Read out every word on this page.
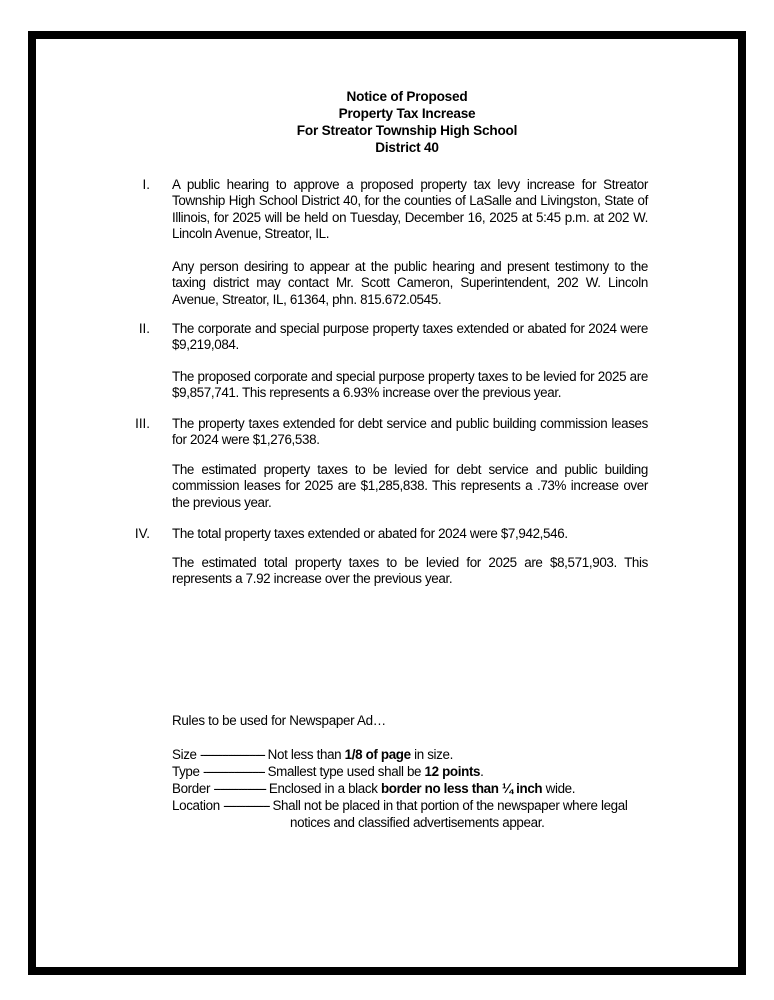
Notice of Proposed
Property Tax Increase
For Streator Township High School
District 40
I. A public hearing to approve a proposed property tax levy increase for Streator Township High School District 40, for the counties of LaSalle and Livingston, State of Illinois, for 2025 will be held on Tuesday, December 16, 2025 at 5:45 p.m. at 202 W. Lincoln Avenue, Streator, IL.

Any person desiring to appear at the public hearing and present testimony to the taxing district may contact Mr. Scott Cameron, Superintendent, 202 W. Lincoln Avenue, Streator, IL, 61364, phn. 815.672.0545.

II. The corporate and special purpose property taxes extended or abated for 2024 were $9,219,084.

The proposed corporate and special purpose property taxes to be levied for 2025 are $9,857,741. This represents a 6.93% increase over the previous year.

III. The property taxes extended for debt service and public building commission leases for 2024 were $1,276,538.

The estimated property taxes to be levied for debt service and public building commission leases for 2025 are $1,285,838. This represents a .73% increase over the previous year.

IV. The total property taxes extended or abated for 2024 were $7,942,546.

The estimated total property taxes to be levied for 2025 are $8,571,903. This represents a 7.92 increase over the previous year.

Rules to be used for Newspaper Ad…
Size --------------------- Not less than 1/8 of page in size.
Type -------------------- Smallest type used shall be 12 points.
Border ----------------- Enclosed in a black border no less than ¼ inch wide.
Location --------------- Shall not be placed in that portion of the newspaper where legal
notices and classified advertisements appear.
